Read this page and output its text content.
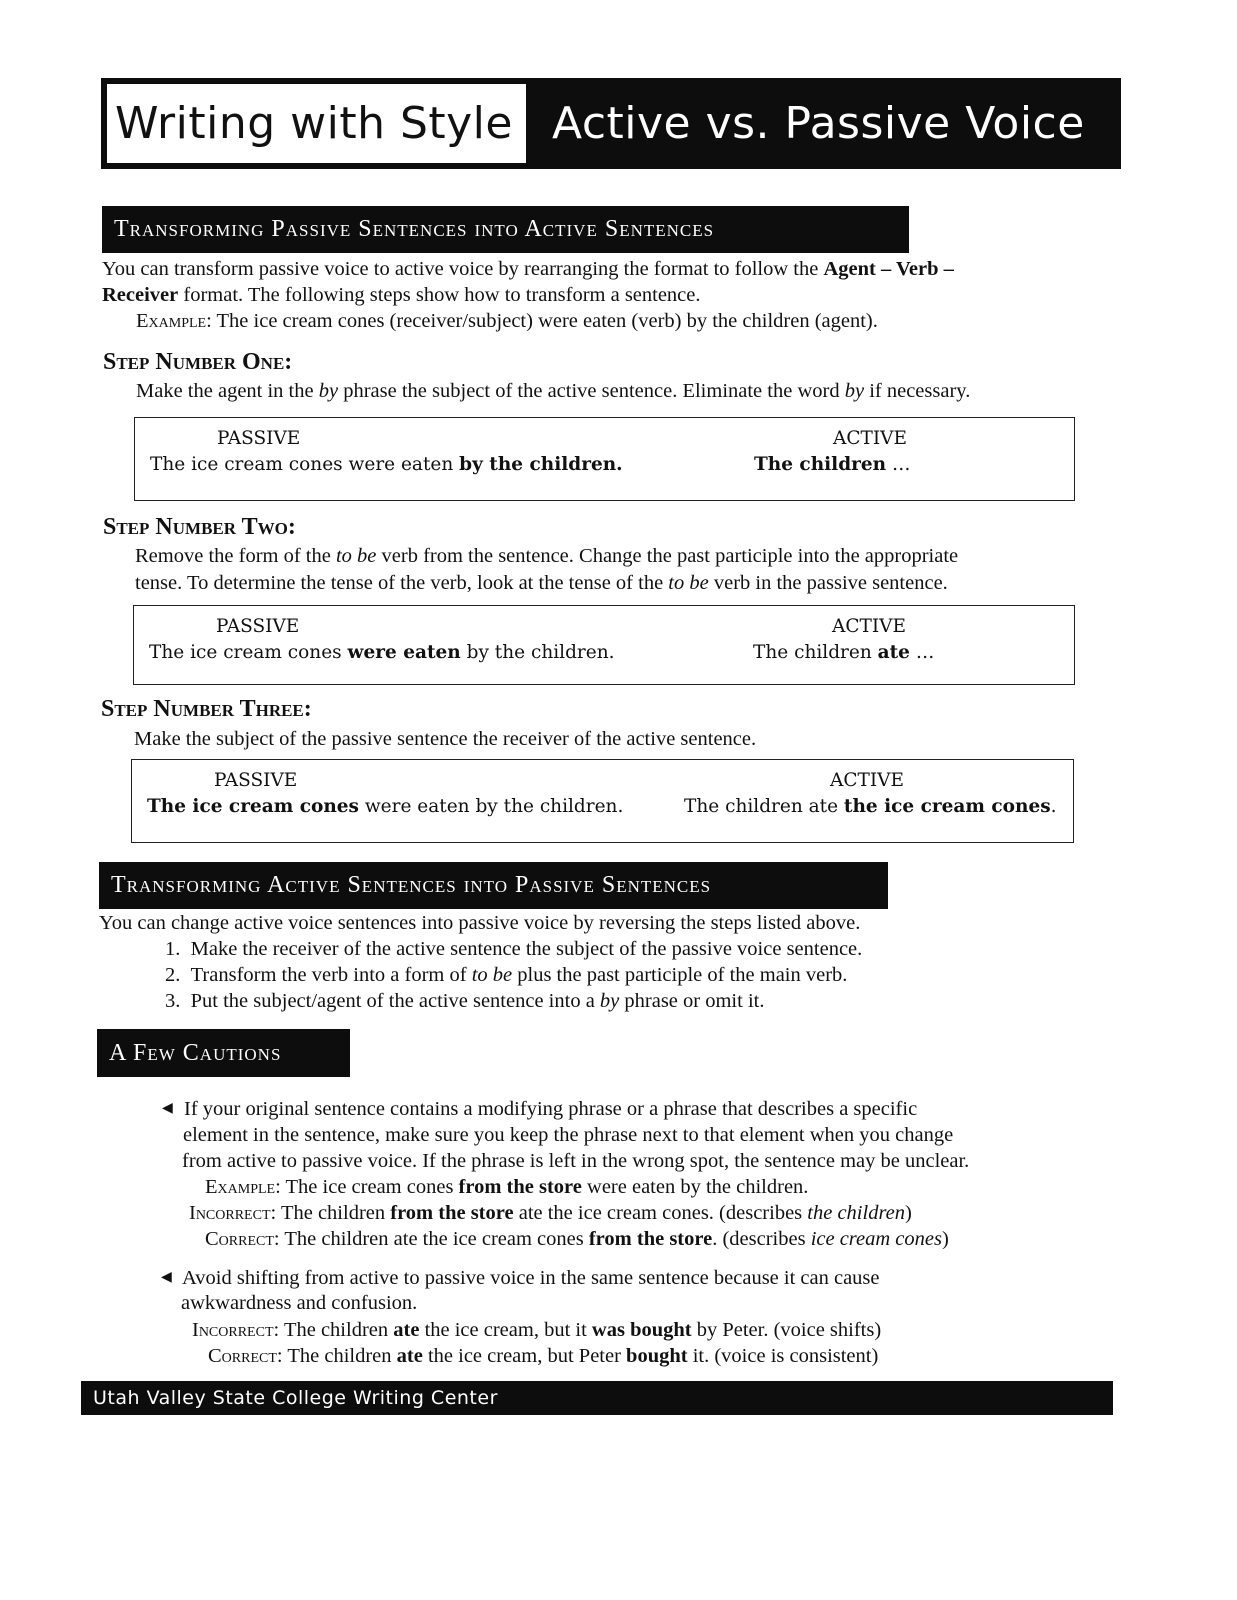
Writing with Style Active vs. Passive Voice
Transforming Passive Sentences into Active Sentences
You can transform passive voice to active voice by rearranging the format to follow the Agent – Verb –
Receiver format. The following steps show how to transform a sentence.
Example: The ice cream cones (receiver/subject) were eaten (verb) by the children (agent).
Step Number One:
Make the agent in the by phrase the subject of the active sentence. Eliminate the word by if necessary.
PASSIVE	ACTIVE
The ice cream cones were eaten by the children.	The children …
Step Number Two:
Remove the form of the to be verb from the sentence. Change the past participle into the appropriate
tense. To determine the tense of the verb, look at the tense of the to be verb in the passive sentence.
PASSIVE	ACTIVE
The ice cream cones were eaten by the children.	The children ate …
Step Number Three:
Make the subject of the passive sentence the receiver of the active sentence.
PASSIVE	ACTIVE
The ice cream cones were eaten by the children.	The children ate the ice cream cones.
Transforming Active Sentences into Passive Sentences
You can change active voice sentences into passive voice by reversing the steps listed above.
1. Make the receiver of the active sentence the subject of the passive voice sentence.
2. Transform the verb into a form of to be plus the past participle of the main verb.
3. Put the subject/agent of the active sentence into a by phrase or omit it.
A Few Cautions
◀ If your original sentence contains a modifying phrase or a phrase that describes a specific
element in the sentence, make sure you keep the phrase next to that element when you change
from active to passive voice. If the phrase is left in the wrong spot, the sentence may be unclear.
Example: The ice cream cones from the store were eaten by the children.
Incorrect: The children from the store ate the ice cream cones. (describes the children)
Correct: The children ate the ice cream cones from the store. (describes ice cream cones)
◀ Avoid shifting from active to passive voice in the same sentence because it can cause
awkwardness and confusion.
Incorrect: The children ate the ice cream, but it was bought by Peter. (voice shifts)
Correct: The children ate the ice cream, but Peter bought it. (voice is consistent)
Utah Valley State College Writing Center
